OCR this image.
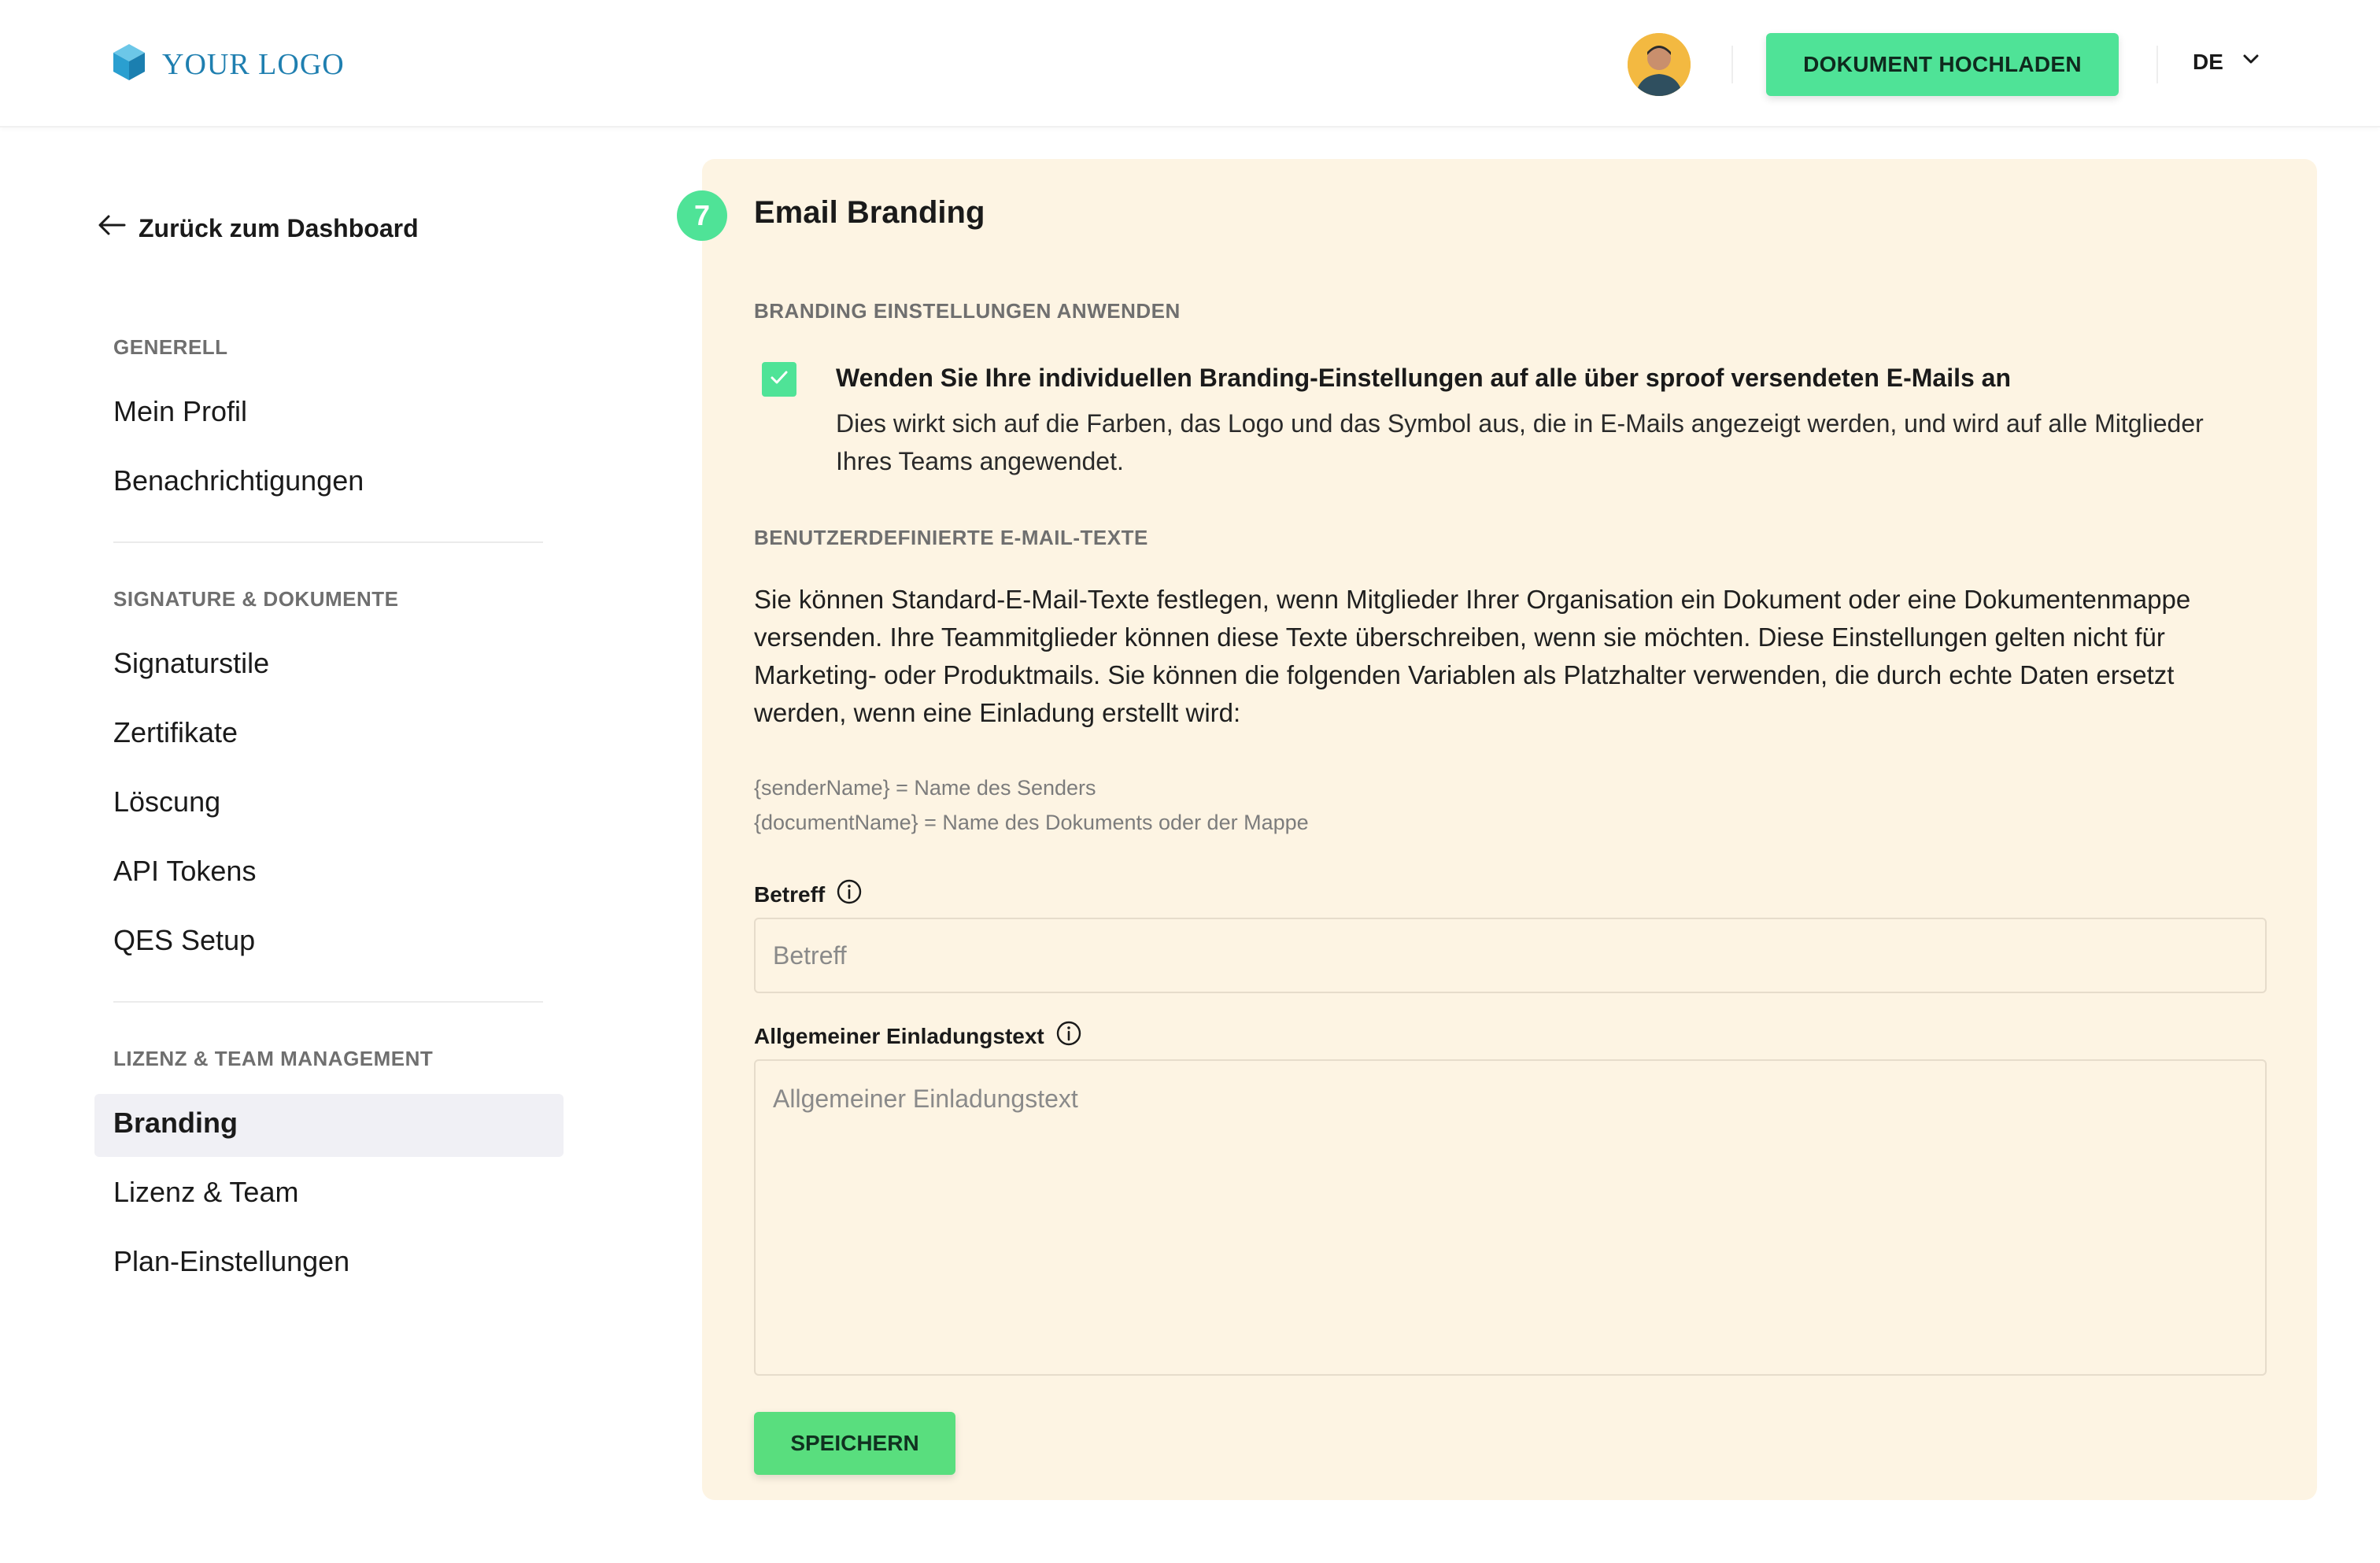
YOUR LOGO	DOKUMENT HOCHLADEN	DE
Zurück zum Dashboard
GENERELL
Mein Profil
Benachrichtigungen
SIGNATURE & DOKUMENTE
Signaturstile
Zertifikate
Löscung
API Tokens
QES Setup
LIZENZ & TEAM MANAGEMENT
Branding
Lizenz & Team
Plan-Einstellungen
7	Email Branding
BRANDING EINSTELLUNGEN ANWENDEN
Wenden Sie Ihre individuellen Branding-Einstellungen auf alle über sproof versendeten E-Mails an
Dies wirkt sich auf die Farben, das Logo und das Symbol aus, die in E-Mails angezeigt werden, und wird auf alle Mitglieder Ihres Teams angewendet.
BENUTZERDEFINIERTE E-MAIL-TEXTE
Sie können Standard-E-Mail-Texte festlegen, wenn Mitglieder Ihrer Organisation ein Dokument oder eine Dokumentenmappe versenden. Ihre Teammitglieder können diese Texte überschreiben, wenn sie möchten. Diese Einstellungen gelten nicht für Marketing- oder Produktmails. Sie können die folgenden Variablen als Platzhalter verwenden, die durch echte Daten ersetzt werden, wenn eine Einladung erstellt wird:
{senderName} = Name des Senders
{documentName} = Name des Dokuments oder der Mappe
Betreff
Betreff
Allgemeiner Einladungstext
Allgemeiner Einladungstext
SPEICHERN
